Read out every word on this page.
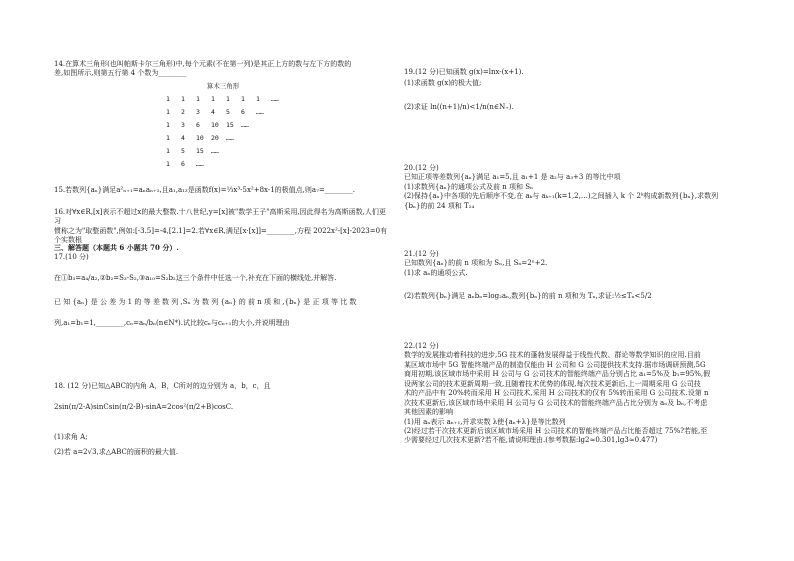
14.在算术三角形(也叫帕斯卡尔三角形)中,每个元素(不在第一列)是其正上方的数与左下方的数的

差,如图所示,则第五行第 4 个数为________

算术三角形

1	1	1	1	1	1	1	……
1	2	3	4	5	6	……
1	3	6	10	15	……
1	4	10	20	……
1	5	15	……
1	6	……

15.若数列{aₙ}满足a²ₙ₊₁=aₙaₙ₊₂,且a₁,a₁₃是函数f(x)=⅓x³-5x²+8x-1的极值点,则a₇=________.

16.对∀x∈R,[x]表示不超过x的最大整数.十八世纪,y=[x]被"数学王子"高斯采用,因此得名为高斯函数,人们更习

惯称之为"取整函数",例如:[-3.5]=-4,[2.1]=2.若∀x∈R,满足[x·[x]]=________,方程 2022x²-[x]-2023=0有

个实数根

三、解答题（本题共 6 小题共 70 分）.

17.(10 分)

在①b₃=a₄/a₂,②b₂=S₃-S₂,③a₁₀=S₂b₂这三个条件中任选一个,补充在下面的横线处,并解答.

已 知 {aₙ} 是 公 差 为 1 的 等 差 数 列 ,Sₙ 为 数 列 {aₙ} 的 前 n 项 和 ,{bₙ} 是 正 项 等 比 数

列,a₁=b₁=1,________,cₙ=aₙ/bₙ(n∈N*).试比较cₙ与cₙ₊₁的大小,并说明理由

18. (12 分)已知△ABC的内角 A，B，C所对的边分别为 a，b，c，且

2sin(π/2-A)sinCsin(π/2-B)-sinA=2cos²(π/2+B)cosC.

(1)求角 A;

(2)若 a=2√3,求△ABC的面积的最大值.

19.(12 分)已知函数 g(x)=lnx-(x+1).

(1)求函数 g(x)的极大值;

(2)求证 ln((n+1)/n)<1/n(n∈N₊).

20.(12 分)

已知正项等差数列{aₙ}满足 a₁=5,且 a₁+1 是 a₂与 a₃+3 的等比中项

(1)求数列{aₙ}的通项公式及前 n 项和 Sₙ

(2)保持{aₙ}中各项的先后顺序不变,在 aₖ与 aₖ₊₁(k=1,2,…)之间插入 k 个 2ᵏ构成新数列{bₙ},求数列

{bₙ}的前 24 项和 T₂₄

21.(12 分)

已知数列{aₙ}的前 n 项和为 Sₙ,且 Sₙ=2ⁿ+2.

(1)求 aₙ的通项公式.

(2)若数列{bₙ}满足 aₙbₙ=log₂aₙ,数列{bₙ}的前 n 项和为 Tₙ,求证:½≤Tₙ<5/2

22.(12 分)

数学的发展推动着科技的进步,5G 技术的蓬勃发展得益于线性代数、群论等数学知识的应用.目前

某区域市场中 5G 智能终端产品的制造仅能由 H 公司和 G 公司提供技术支持.据市场调研预测,5G

商用初期,该区域市场中采用 H 公司与 G 公司技术的智能终端产品分别占比 a₁=5%及 b₁=95%,假

设两家公司的技术更新周期一致,且随着技术优势的体现,每次技术更新后,上一周期采用 G 公司技

术的产品中有 20%转而采用 H 公司技术,采用 H 公司技术的仅有 5%转而采用 G 公司技术.设第 n

次技术更新后,该区域市场中采用 H 公司与 G 公司技术的智能终端产品占比分别为 aₙ及 bₙ,不考虑

其他因素的影响

(1)用 aₙ表示 aₙ₊₁,并求实数 λ使{aₙ+λ}是等比数列

(2)经过若干次技术更新后该区域市场采用 H 公司技术的智能终端产品占比能否超过 75%?若能,至

少需要经过几次技术更新?若不能,请说明理由.(参考数据:lg2≈0.301,lg3≈0.477)
